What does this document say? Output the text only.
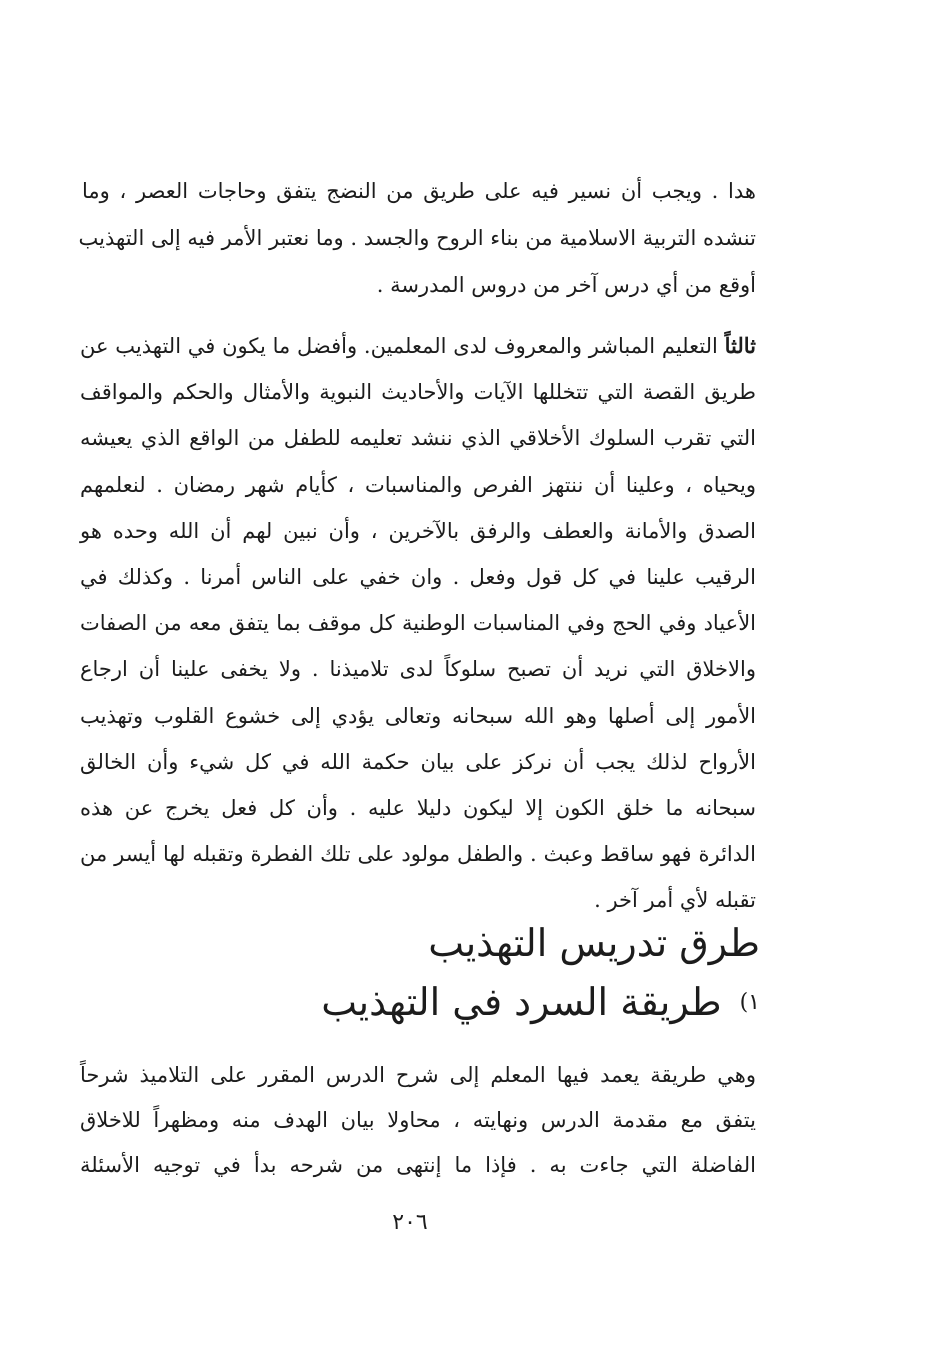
هدا . ويجب أن نسير فيه على طريق من النضج يتفق وحاجات العصر ، وما
تنشده التربية الاسلامية من بناء الروح والجسد . وما نعتبر الأمر فيه إلى التهذيب
أوقع من أي درس آخر من دروس المدرسة .
ثالثاً التعليم المباشر والمعروف لدى المعلمين. وأفضل ما يكون في التهذيب عن
طريق القصة التي تتخللها الآيات والأحاديث النبوية والأمثال والحكم والمواقف
التي تقرب السلوك الأخلاقي الذي ننشد تعليمه للطفل من الواقع الذي يعيشه
ويحياه ، وعلينا أن ننتهز الفرص والمناسبات ، كأيام شهر رمضان . لنعلمهم
الصدق والأمانة والعطف والرفق بالآخرين ، وأن نبين لهم أن الله وحده هو
الرقيب علينا في كل قول وفعل . وان خفي على الناس أمرنا . وكذلك في
الأعياد وفي الحج وفي المناسبات الوطنية كل موقف بما يتفق معه من الصفات
والاخلاق التي نريد أن تصبح سلوكاً لدى تلاميذنا . ولا يخفى علينا أن ارجاع
الأمور إلى أصلها وهو الله سبحانه وتعالى يؤدي إلى خشوع القلوب وتهذيب
الأرواح لذلك يجب أن نركز على بيان حكمة الله في كل شيء وأن الخالق
سبحانه ما خلق الكون إلا ليكون دليلا عليه . وأن كل فعل يخرج عن هذه
الدائرة فهو ساقط وعبث . والطفل مولود على تلك الفطرة وتقبله لها أيسر من
تقبله لأي أمر آخر .
طرق تدريس التهذيب
١)طريقة السرد في التهذيب
وهي طريقة يعمد فيها المعلم إلى شرح الدرس المقرر على التلاميذ شرحاً
يتفق مع مقدمة الدرس ونهايته ، محاولا بيان الهدف منه ومظهراً للاخلاق
الفاضلة التي جاءت به . فإذا ما إنتهى من شرحه بدأ في توجيه الأسئلة
٢٠٦
